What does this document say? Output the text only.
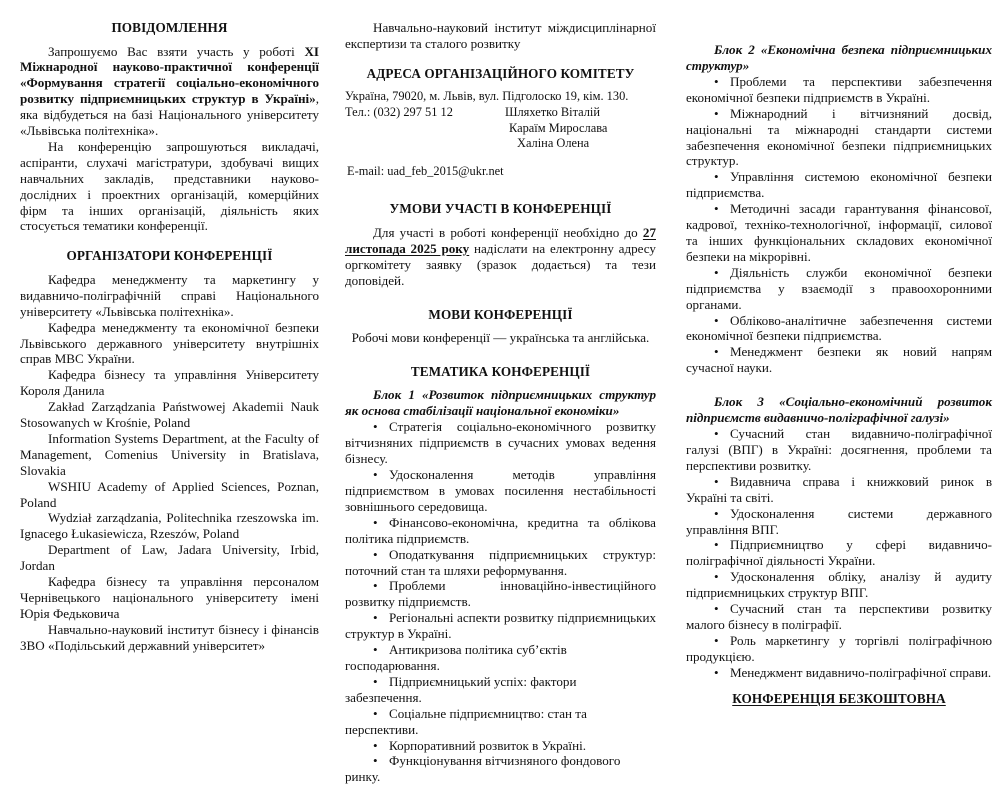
ПОВІДОМЛЕННЯ

Запрошуємо Вас взяти участь у роботі ХІ Міжнародної науково-практичної конференції «Формування стратегії соціально-економічного розвитку підприємницьких структур в Україні», яка відбудеться на базі Національного університету «Львівська політехніка».

На конференцію запрошуються викладачі, аспіранти, слухачі магістратури, здобувачі вищих навчальних закладів, представники науково-дослідних і проектних організацій, комерційних фірм та інших організацій, діяльність яких стосується тематики конференції.

ОРГАНІЗАТОРИ КОНФЕРЕНЦІЇ

Кафедра менеджменту та маркетингу у видавничо-поліграфічній справі Національного університету «Львівська політехніка».

Кафедра менеджменту та економічної безпеки Львівського державного університету внутрішніх справ МВС України.

Кафедра бізнесу та управління Університету Короля Данила

Zakład Zarządzania Państwowej Akademii Nauk Stosowanych w Krośnie, Poland

Information Systems Department, at the Faculty of Management, Comenius University in Bratislava, Slovakia

WSHIU Academy of Applied Sciences, Poznan, Poland

Wydział zarządzania, Politechnika rzeszowska im. Ignacego Łukasiewicza, Rzeszów, Poland

Department of Law, Jadara University, Irbid, Jordan

Кафедра бізнесу та управління персоналом Чернівецького національного університету імені Юрія Федьковича

Навчально-науковий інститут бізнесу і фінансів ЗВО «Подільський державний університет»

Навчально-науковий інститут міждисциплінарної експертизи та сталого розвитку

АДРЕСА ОРГАНІЗАЦІЙНОГО КОМІТЕТУ
Україна, 79020, м. Львів, вул. Підголоско 19, кім. 130.
Тел.: (032) 297 51 12	Шляхетко Віталій
Караїм Мирослава
Халіна Олена
E-mail: uad_feb_2015@ukr.net
УМОВИ УЧАСТІ В КОНФЕРЕНЦІЇ

Для участі в роботі конференції необхідно до 27 листопада 2025 року надіслати на електронну адресу оргкомітету заявку (зразок додається) та тези доповідей.

МОВИ КОНФЕРЕНЦІЇ

Робочі мови конференції — українська та англійська.

ТЕМАТИКА КОНФЕРЕНЦІЇ
Блок 1 «Розвиток підприємницьких структур як основа стабілізації національної економіки»
• Стратегія соціально-економічного розвитку вітчизняних підприємств в сучасних умовах ведення бізнесу.
• Удосконалення методів управління підприємством в умовах посилення нестабільності зовнішнього середовища.
• Фінансово-економічна, кредитна та облікова політика підприємств.
• Оподаткування підприємницьких структур: поточний стан та шляхи реформування.
• Проблеми інноваційно-інвестиційного розвитку підприємств.
• Регіональні аспекти розвитку підприємницьких структур в Україні.
• Антикризова політика суб’єктів господарювання.
• Підприємницький успіх: фактори забезпечення.
• Соціальне підприємництво: стан та перспективи.
• Корпоративний розвиток в Україні.
• Функціонування вітчизняного фондового ринку.
Блок 2 «Економічна безпека підприємницьких структур»
• Проблеми та перспективи забезпечення економічної безпеки підприємств в Україні.
• Міжнародний і вітчизняний досвід, національні та міжнародні стандарти системи забезпечення економічної безпеки підприємницьких структур.
• Управління системою економічної безпеки підприємства.
• Методичні засади гарантування фінансової, кадрової, техніко-технологічної, інформації, силової та інших функціональних складових економічної безпеки на мікрорівні.
• Діяльність служби економічної безпеки підприємства у взаємодії з правоохоронними органами.
• Обліково-аналітичне забезпечення системи економічної безпеки підприємства.
• Менеджмент безпеки як новий напрям сучасної науки.
Блок 3 «Соціально-економічний розвиток підприємств видавничо-поліграфічної галузі»
• Сучасний стан видавничо-поліграфічної галузі (ВПГ) в Україні: досягнення, проблеми та перспективи розвитку.
• Видавнича справа і книжковий ринок в Україні та світі.
• Удосконалення системи державного управління ВПГ.
• Підприємництво у сфері видавничо-поліграфічної діяльності України.
• Удосконалення обліку, аналізу й аудиту підприємницьких структур ВПГ.
• Сучасний стан та перспективи розвитку малого бізнесу в поліграфії.
• Роль маркетингу у торгівлі поліграфічною продукцією.
• Менеджмент видавничо-поліграфічної справи.
КОНФЕРЕНЦІЯ БЕЗКОШТОВНА
